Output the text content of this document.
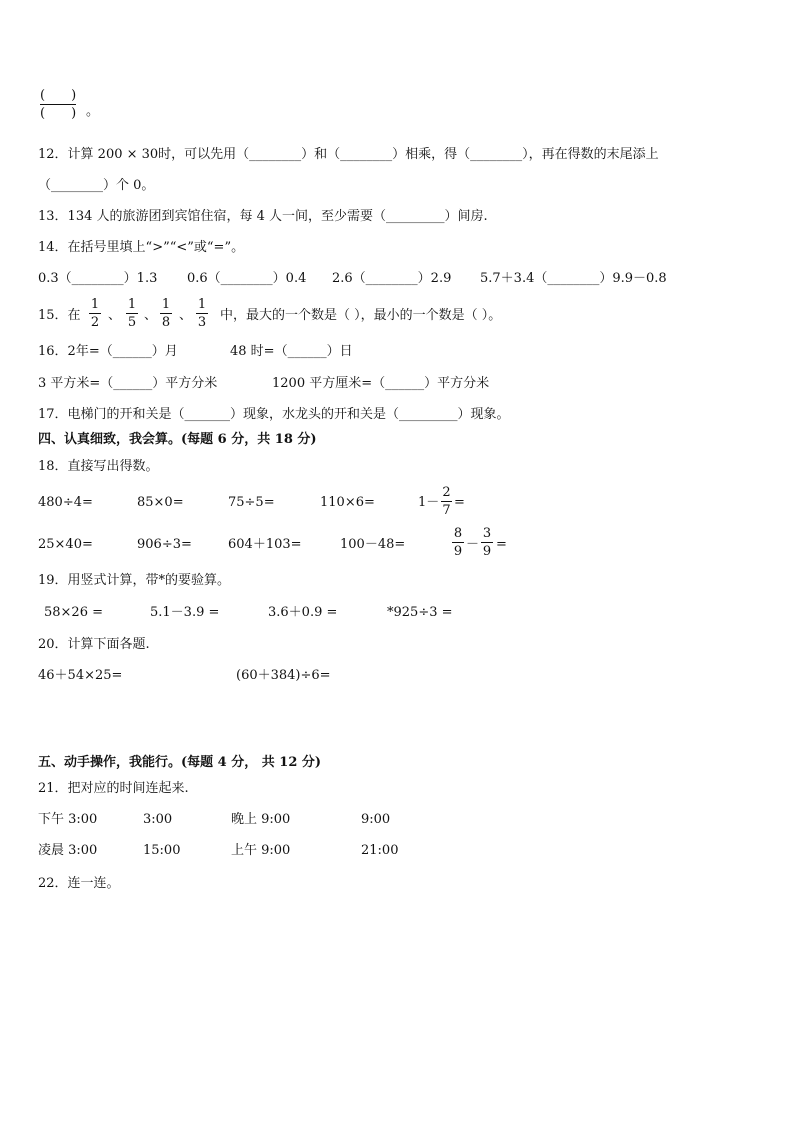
(　　)
(　　) 。
12．计算 200 × 30时，可以先用（________）和（________）相乘，得（________），再在得数的末尾添上
（________）个 0。
13．134 人的旅游团到宾馆住宿，每 4 人一间，至少需要（_________）间房.
14．在括号里填上“>”“<”或“=”。
0.3（________）1.3 0.6（________）0.4 2.6（________）2.9 5.7＋3.4（________）9.9－0.8
15．在
1
2 、
1
5 、
1
8 、
1
3 中，最大的一个数是（ ），最小的一个数是（ ）。
16．2年=（______）月	48 时=（______）日
3 平方米=（______）平方分米	1200 平方厘米=（______）平方分米
17．电梯门的开和关是（_______）现象，水龙头的开和关是（_________）现象。
四、认真细致，我会算。(每题 6 分，共 18 分)
18．直接写出得数。
480÷4=	85×0=	75÷5=	110×6=	1－
2
7
=
25×40=	906÷3=	604＋103=	100－48=
8
9 －
3
9 =
19．用竖式计算，带*的要验算。
58×26 =	5.1－3.9 =	3.6＋0.9 =	*925÷3 =
20．计算下面各题.
46＋54×25=	(60＋384)÷6=
五、动手操作，我能行。(每题 4 分， 共 12 分)
21．把对应的时间连起来.
下午 3:00	3:00	晚上 9:00	9:00
凌晨 3:00	15:00	上午 9:00	21:00
22．连一连。
